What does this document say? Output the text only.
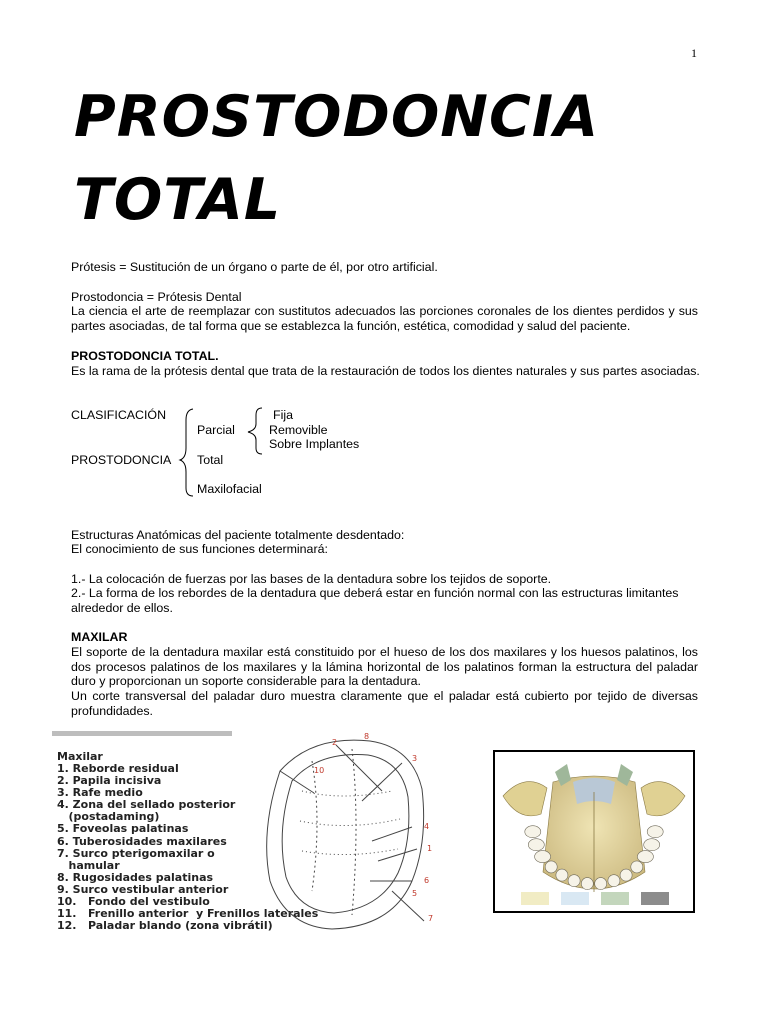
1
PROSTODONCIA
TOTAL
Prótesis = Sustitución de un órgano o parte de él, por otro artificial.
Prostodoncia = Prótesis Dental
La ciencia el arte de reemplazar con sustitutos adecuados las porciones coronales de los dientes perdidos y sus partes asociadas, de tal forma que se establezca la función, estética, comodidad y salud del paciente.
PROSTODONCIA TOTAL.
Es la rama de la prótesis dental que trata de la restauración de todos los dientes naturales y sus partes asociadas.
CLASIFICACIÓN
PROSTODONCIA
Parcial
Total
Maxilofacial
Fija
Removible
Sobre Implantes
Estructuras Anatómicas del paciente totalmente desdentado:
El conocimiento de sus funciones determinará:
1.- La colocación de fuerzas por las bases de la dentadura sobre los tejidos de soporte.
2.- La forma de los rebordes de la dentadura que deberá estar en función normal con las estructuras limitantes alrededor de ellos.
MAXILAR
El soporte de la dentadura maxilar está constituido por el hueso de los dos maxilares y los huesos palatinos, los dos procesos palatinos de los maxilares y la lámina horizontal de los palatinos forman la estructura del paladar duro y proporcionan un soporte considerable para la dentadura.
Un corte transversal del paladar duro muestra claramente que el paladar está cubierto por tejido de diversas profundidades.
Maxilar
1. Reborde residual
2. Papila incisiva
3. Rafe medio
4. Zona del sellado posterior
(postadaming)
5. Foveolas palatinas
6. Tuberosidades maxilares
7. Surco pterigomaxilar o
hamular
8. Rugosidades palatinas
9. Surco vestibular anterior
10.   Fondo del vestibulo
11.   Frenillo anterior  y Frenillos laterales
12.   Paladar blando (zona vibrátil)
2
8
3
10
4
1
6
5
7
